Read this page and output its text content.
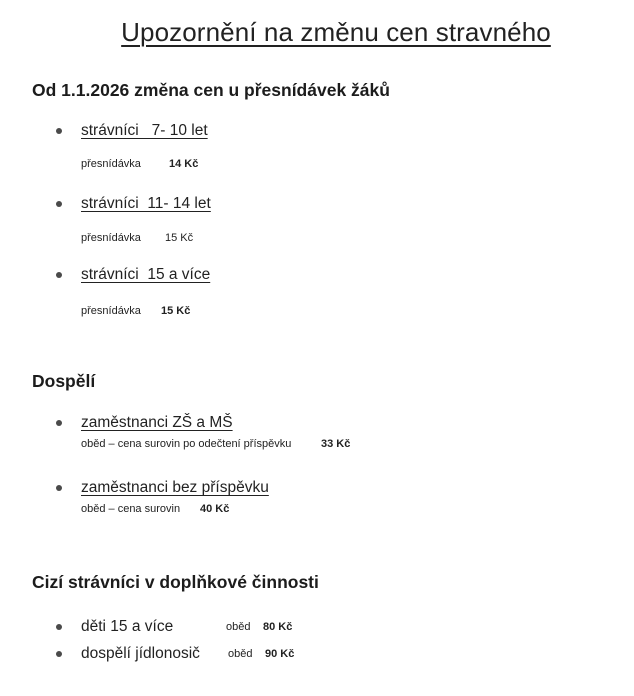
Upozornění na změnu cen stravného
Od 1.1.2026 změna cen u přesnídávek žáků
strávníci   7- 10 let
přesnídávka	14 Kč
strávníci  11- 14 let
přesnídávka 15 Kč
strávníci  15 a více
přesnídávka 15 Kč
Dospělí
zaměstnanci ZŠ a MŠ
oběd – cena surovin po odečtení příspěvku	33 Kč
zaměstnanci bez příspěvku
oběd – cena surovin 40 Kč
Cizí strávníci v doplňkové činnosti
děti 15 a více	oběd 80 Kč
dospělí jídlonosič	oběd 90 Kč
